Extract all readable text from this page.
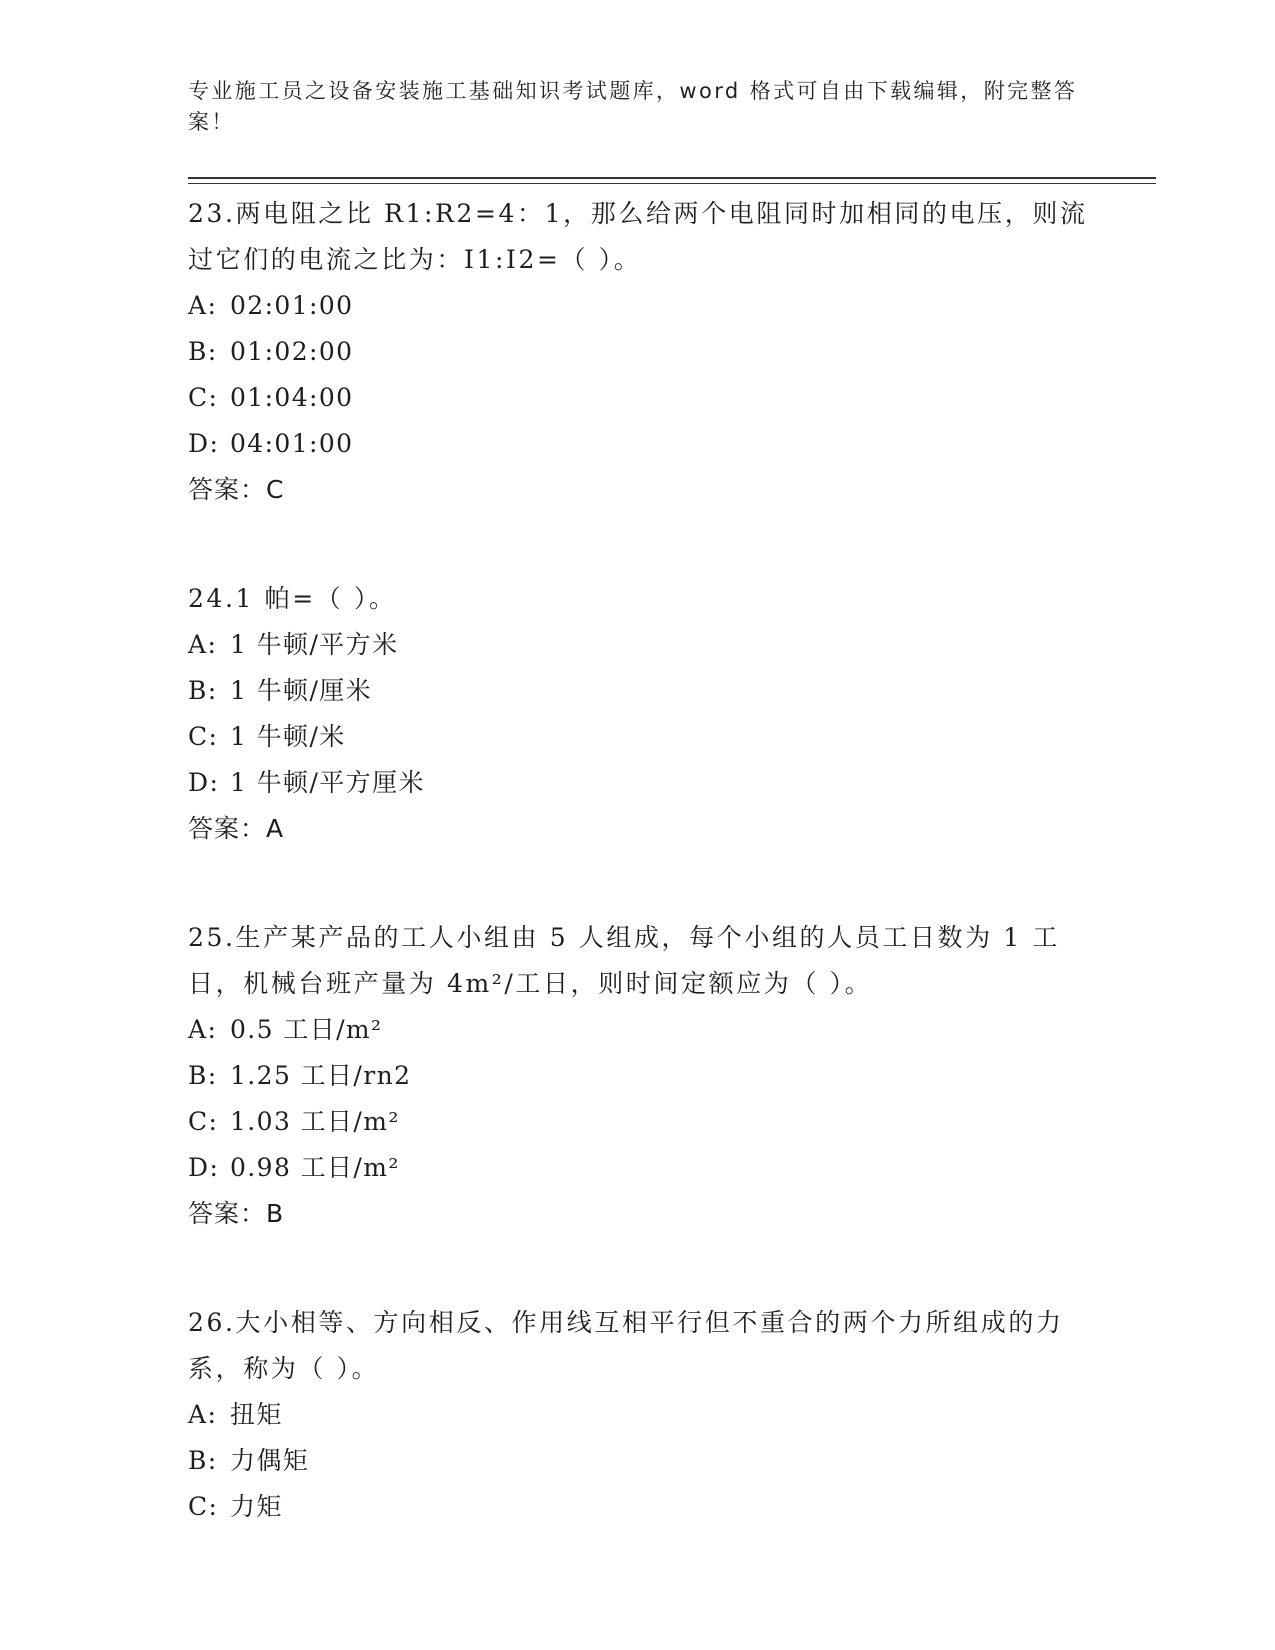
专业施工员之设备安装施工基础知识考试题库，word 格式可自由下载编辑，附完整答案！

23.两电阻之比 R1:R2=4：1，那么给两个电阻同时加相同的电压，则流过它们的电流之比为：I1:I2=（ ）。

A: 02:01:00

B: 01:02:00

C: 01:04:00

D: 04:01:00

答案：C

24.1 帕=（ ）。

A: 1 牛顿/平方米

B: 1 牛顿/厘米

C: 1 牛顿/米

D: 1 牛顿/平方厘米

答案：A

25.生产某产品的工人小组由 5 人组成，每个小组的人员工日数为 1 工日，机械台班产量为 4m²/工日，则时间定额应为（ ）。

A: 0.5 工日/m²

B: 1.25 工日/rn2

C: 1.03 工日/m²

D: 0.98 工日/m²

答案：B

26.大小相等、方向相反、作用线互相平行但不重合的两个力所组成的力系，称为（ ）。

A: 扭矩

B: 力偶矩

C: 力矩
